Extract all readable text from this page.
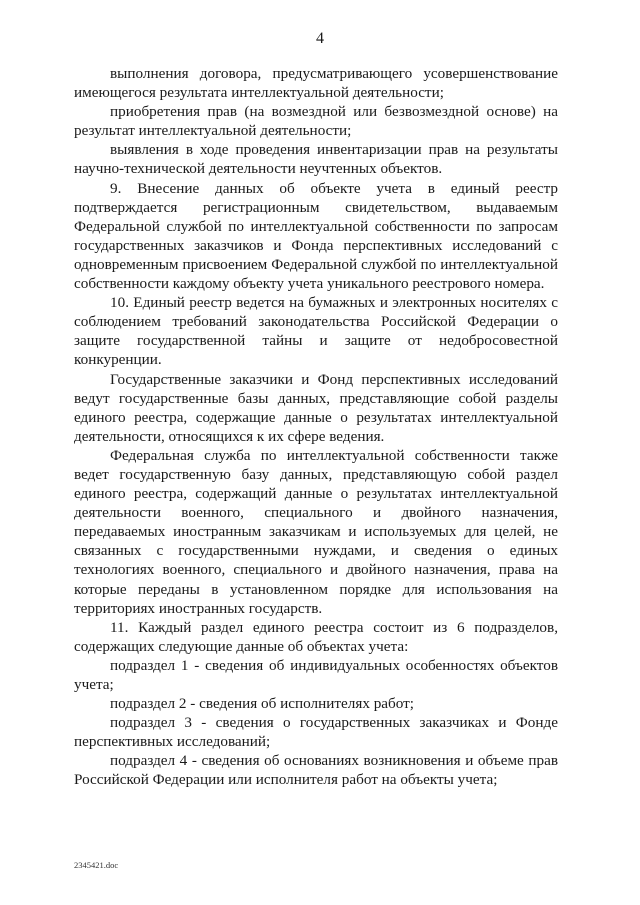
4

выполнения договора, предусматривающего усовершенствование имеющегося результата интеллектуальной деятельности;

приобретения прав (на возмездной или безвозмездной основе) на результат интеллектуальной деятельности;

выявления в ходе проведения инвентаризации прав на результаты научно-технической деятельности неучтенных объектов.

9. Внесение данных об объекте учета в единый реестр подтверждается регистрационным свидетельством, выдаваемым Федеральной службой по интеллектуальной собственности по запросам государственных заказчиков и Фонда перспективных исследований с одновременным присвоением Федеральной службой по интеллектуальной собственности каждому объекту учета уникального реестрового номера.

10. Единый реестр ведется на бумажных и электронных носителях с соблюдением требований законодательства Российской Федерации о защите государственной тайны и защите от недобросовестной конкуренции.

Государственные заказчики и Фонд перспективных исследований ведут государственные базы данных, представляющие собой разделы единого реестра, содержащие данные о результатах интеллектуальной деятельности, относящихся к их сфере ведения.

Федеральная служба по интеллектуальной собственности также ведет государственную базу данных, представляющую собой раздел единого реестра, содержащий данные о результатах интеллектуальной деятельности военного, специального и двойного назначения, передаваемых иностранным заказчикам и используемых для целей, не связанных с государственными нуждами, и сведения о единых технологиях военного, специального и двойного назначения, права на которые переданы в установленном порядке для использования на территориях иностранных государств.

11. Каждый раздел единого реестра состоит из 6 подразделов, содержащих следующие данные об объектах учета:

подраздел 1 - сведения об индивидуальных особенностях объектов учета;

подраздел 2 - сведения об исполнителях работ;

подраздел 3 - сведения о государственных заказчиках и Фонде перспективных исследований;

подраздел 4 - сведения об основаниях возникновения и объеме прав Российской Федерации или исполнителя работ на объекты учета;

2345421.doc
